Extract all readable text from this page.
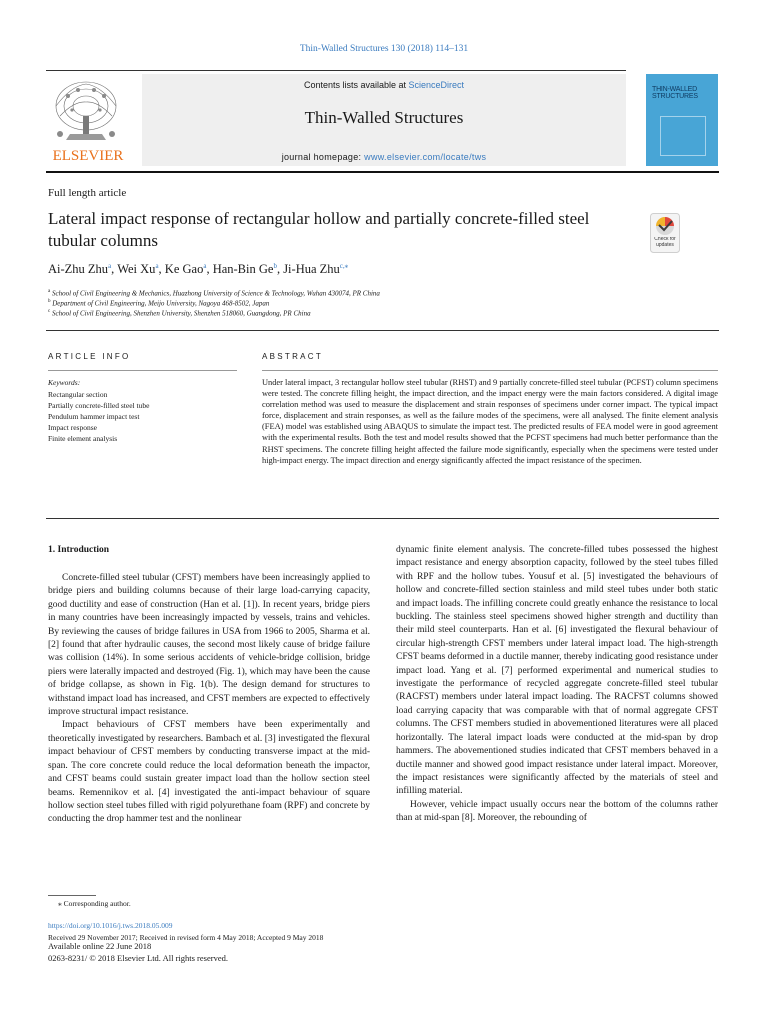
Thin-Walled Structures 130 (2018) 114–131
ELSEVIER
Contents lists available at ScienceDirect
Thin-Walled Structures
journal homepage: www.elsevier.com/locate/tws
THIN-WALLED STRUCTURES
Full length article
Lateral impact response of rectangular hollow and partially concrete-filled steel tubular columns	Check for updates
Ai-Zhu Zhu$^a$, Wei Xu$^a$, Ke Gao$^a$, Han-Bin Ge$^b$, Ji-Hua Zhu$^{c,⁎}$
$^a$ School of Civil Engineering & Mechanics, Huazhong University of Science & Technology, Wuhan 430074, PR China
$^b$ Department of Civil Engineering, Meijo University, Nagoya 468-8502, Japan
$^c$ School of Civil Engineering, Shenzhen University, Shenzhen 518060, Guangdong, PR China
ARTICLE INFO
Keywords:
Rectangular section
Partially concrete-filled steel tube
Pendulum hammer impact test
Impact response
Finite element analysis
ABSTRACT
Under lateral impact, 3 rectangular hollow steel tubular (RHST) and 9 partially concrete-filled steel tubular (PCFST) column specimens were tested. The concrete filling height, the impact direction, and the impact energy were the main factors considered. A digital image correlation method was used to measure the displacement and strain responses of specimens under corner impact. The typical impact force, displacement and strain responses, as well as the failure modes of the specimens, were all analysed. The finite element analysis (FEA) model was established using ABAQUS to simulate the impact test. The predicted results of FEA model were in good agreement with the experimental results. Both the test and model results showed that the PCFST specimens had much better performance than the RHST specimens. The concrete filling height affected the failure mode significantly, especially when the specimens were tested under high-impact energy. The impact direction and energy significantly affected the impact resistance of the specimen.
1. Introduction

Concrete-filled steel tubular (CFST) members have been increasingly applied to bridge piers and building columns because of their large load-carrying capacity, good ductility and ease of construction (Han et al. [1]). In recent years, bridge piers in many countries have been increasingly impacted by vessels, trains and vehicles. By reviewing the causes of bridge failures in USA from 1966 to 2005, Sharma et al. [2] found that after hydraulic causes, the second most likely cause of bridge failure was collision (14%). In some serious accidents of vehicle-bridge collision, bridge piers were laterally impacted and destroyed (Fig. 1), which may have been the cause of bridge collapse, as shown in Fig. 1(b). The design demand for structures to withstand impact load has increased, and CFST members are expected to effectively improve structural impact resistance.

Impact behaviours of CFST members have been experimentally and theoretically investigated by researchers. Bambach et al. [3] investigated the flexural impact behaviour of CFST members by conducting transverse impact at the mid-span. The core concrete could reduce the local deformation beneath the impactor, and CFST beams could sustain greater impact load than the hollow section steel beams. Remennikov et al. [4] investigated the anti-impact behaviour of square hollow section steel tubes filled with rigid polyurethane foam (RPF) and concrete by conducting the drop hammer test and the nonlinear

dynamic finite element analysis. The concrete-filled tubes possessed the highest impact resistance and energy absorption capacity, followed by the steel tubes filled with RPF and the hollow tubes. Yousuf et al. [5] investigated the behaviours of hollow and concrete-filled section stainless and mild steel tubes under both static and impact loads. The infilling concrete could greatly enhance the resistance to local buckling. The stainless steel specimens showed higher strength and ductility than their mild steel counterparts. Han et al. [6] investigated the flexural behaviour of circular high-strength CFST members under lateral impact load. The high-strength CFST beams deformed in a ductile manner, thereby indicating good resistance under impact load. Yang et al. [7] performed experimental and numerical studies to investigate the performance of recycled aggregate concrete-filled steel tubular (RACFST) members under lateral impact loading. The RACFST columns showed load carrying capacity that was comparable with that of normal aggregate CFST columns. The CFST members studied in abovementioned literatures were all placed horizontally. The lateral impact loads were conducted at the mid-span by drop hammers. The abovementioned studies indicated that CFST members behaved in a ductile manner and showed good impact resistance under lateral impact. Moreover, the impact resistances were significantly affected by the materials of steel and infilling material.

However, vehicle impact usually occurs near the bottom of the columns rather than at mid-span [8]. Moreover, the rebounding of

⁎ Corresponding author.
https://doi.org/10.1016/j.tws.2018.05.009
Received 29 November 2017; Received in revised form 4 May 2018; Accepted 9 May 2018
Available online 22 June 2018
0263-8231/ © 2018 Elsevier Ltd. All rights reserved.
